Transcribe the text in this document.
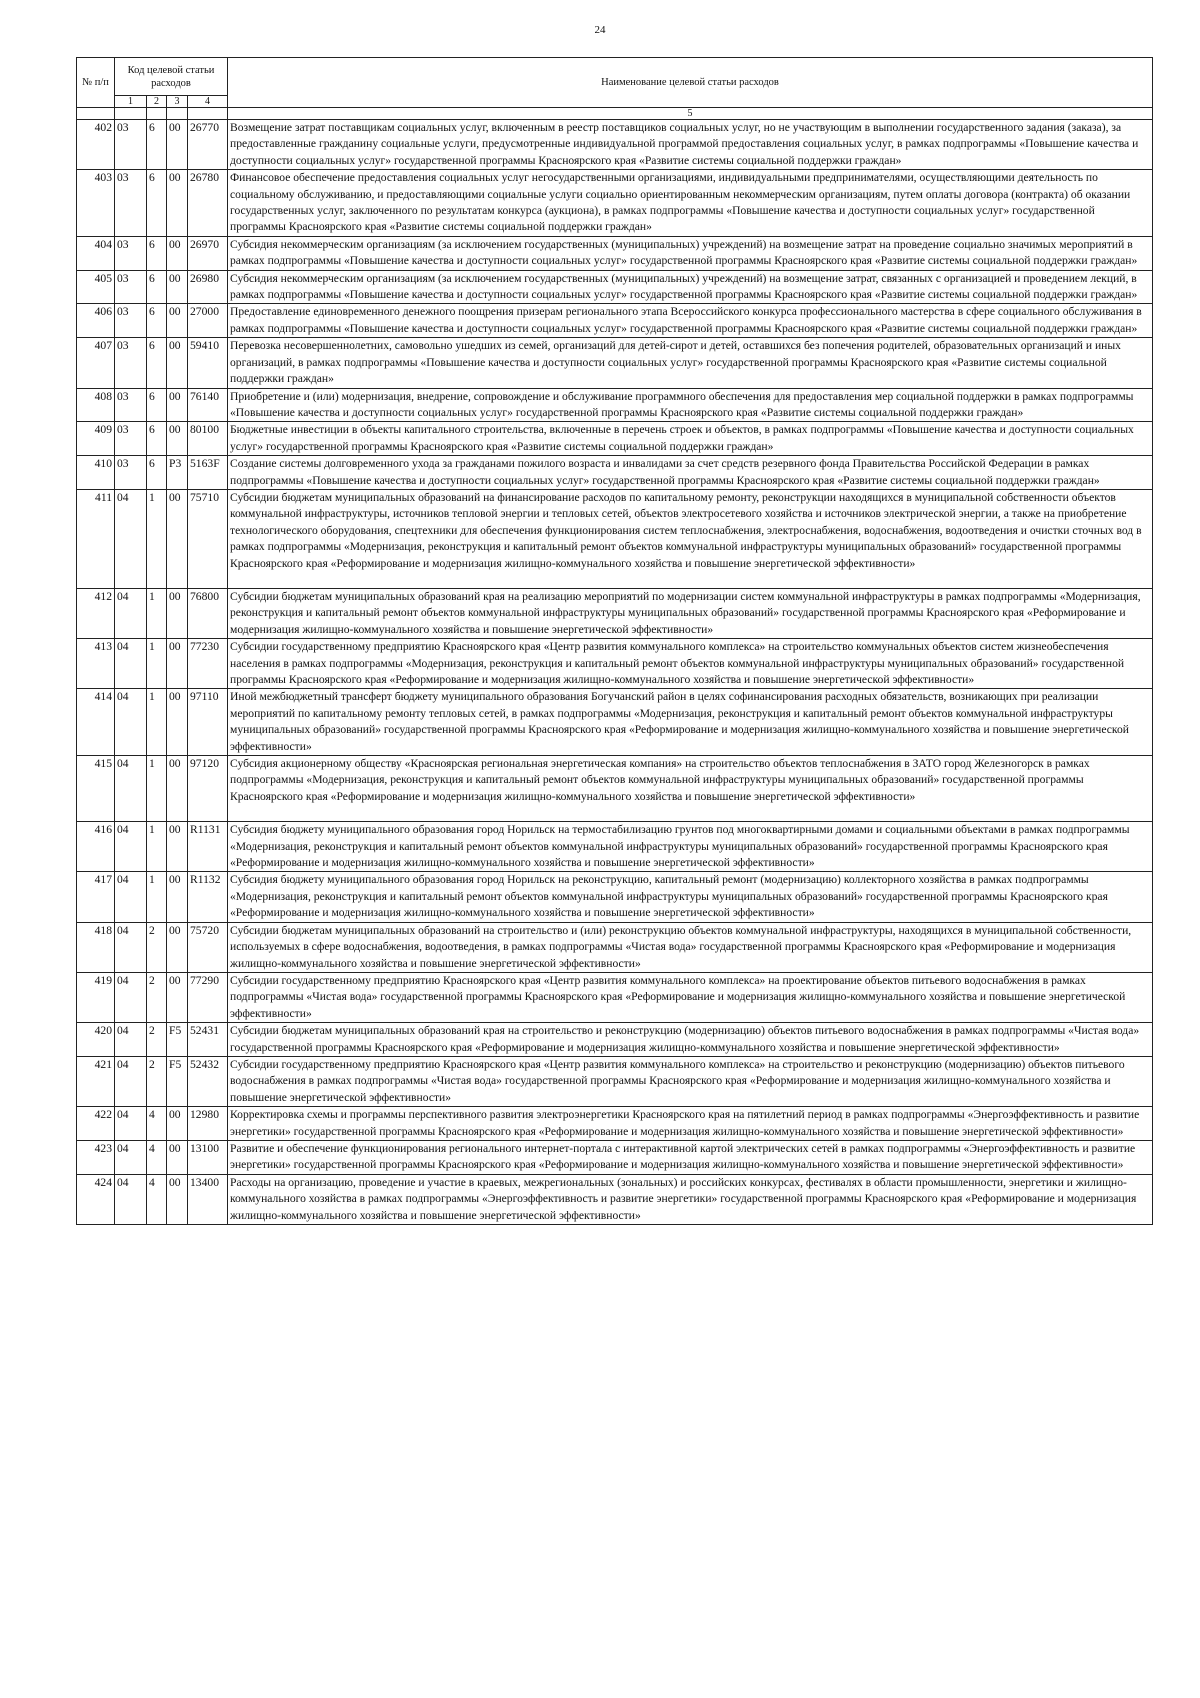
24
№ п/п	Код целевой статьи расходов				Наименование целевой статьи расходов
	1	2	3	4	
					5
402	03	6	00	26770	Возмещение затрат поставщикам социальных услуг, включенным в реестр поставщиков социальных услуг, но не участвующим в выполнении государственного задания (заказа), за предоставленные гражданину социальные услуги, предусмотренные индивидуальной программой предоставления социальных услуг, в рамках подпрограммы «Повышение качества и доступности социальных услуг» государственной программы Красноярского края «Развитие системы социальной поддержки граждан»
403	03	6	00	26780	Финансовое обеспечение предоставления социальных услуг негосударственными организациями, индивидуальными предпринимателями, осуществляющими деятельность по социальному обслуживанию, и предоставляющими социальные услуги социально ориентированным некоммерческим организациям, путем оплаты договора (контракта) об оказании государственных услуг, заключенного по результатам конкурса (аукциона), в рамках подпрограммы «Повышение качества и доступности социальных услуг» государственной программы Красноярского края «Развитие системы социальной поддержки граждан»
404	03	6	00	26970	Субсидия некоммерческим организациям (за исключением государственных (муниципальных) учреждений) на возмещение затрат на проведение социально значимых мероприятий в рамках подпрограммы «Повышение качества и доступности социальных услуг» государственной программы Красноярского края «Развитие системы социальной поддержки граждан»
405	03	6	00	26980	Субсидия некоммерческим организациям (за исключением государственных (муниципальных) учреждений) на возмещение затрат, связанных с организацией и проведением лекций, в рамках подпрограммы «Повышение качества и доступности социальных услуг» государственной программы Красноярского края «Развитие системы социальной поддержки граждан»
406	03	6	00	27000	Предоставление единовременного денежного поощрения призерам регионального этапа Всероссийского конкурса профессионального мастерства в сфере социального обслуживания в рамках подпрограммы «Повышение качества и доступности социальных услуг» государственной программы Красноярского края «Развитие системы социальной поддержки граждан»
407	03	6	00	59410	Перевозка несовершеннолетних, самовольно ушедших из семей, организаций для детей-сирот и детей, оставшихся без попечения родителей, образовательных организаций и иных организаций, в рамках подпрограммы «Повышение качества и доступности социальных услуг» государственной программы Красноярского края «Развитие системы социальной поддержки граждан»
408	03	6	00	76140	Приобретение и (или) модернизация, внедрение, сопровождение и обслуживание программного обеспечения для предоставления мер социальной поддержки в рамках подпрограммы «Повышение качества и доступности социальных услуг» государственной программы Красноярского края «Развитие системы социальной поддержки граждан»
409	03	6	00	80100	Бюджетные инвестиции в объекты капитального строительства, включенные в перечень строек и объектов, в рамках подпрограммы «Повышение качества и доступности социальных услуг» государственной программы Красноярского края «Развитие системы социальной поддержки граждан»
410	03	6	P3	5163F	Создание системы долговременного ухода за гражданами пожилого возраста и инвалидами за счет средств резервного фонда Правительства Российской Федерации в рамках подпрограммы «Повышение качества и доступности социальных услуг» государственной программы Красноярского края «Развитие системы социальной поддержки граждан»
411	04	1	00	75710	Субсидии бюджетам муниципальных образований на финансирование расходов по капитальному ремонту, реконструкции находящихся в муниципальной собственности объектов коммунальной инфраструктуры, источников тепловой энергии и тепловых сетей, объектов электросетевого хозяйства и источников электрической энергии, а также на приобретение технологического оборудования, спецтехники для обеспечения функционирования систем теплоснабжения, электроснабжения, водоснабжения, водоотведения и очистки сточных вод в рамках подпрограммы «Модернизация, реконструкция и капитальный ремонт объектов коммунальной инфраструктуры муниципальных образований» государственной программы Красноярского края «Реформирование и модернизация жилищно-коммунального хозяйства и повышение энергетической эффективности»
412	04	1	00	76800	Субсидии бюджетам муниципальных образований края на реализацию мероприятий по модернизации систем коммунальной инфраструктуры в рамках подпрограммы «Модернизация, реконструкция и капитальный ремонт объектов коммунальной инфраструктуры муниципальных образований» государственной программы Красноярского края «Реформирование и модернизация жилищно-коммунального хозяйства и повышение энергетической эффективности»
413	04	1	00	77230	Субсидии государственному предприятию Красноярского края «Центр развития коммунального комплекса» на строительство коммунальных объектов систем жизнеобеспечения населения в рамках подпрограммы «Модернизация, реконструкция и капитальный ремонт объектов коммунальной инфраструктуры муниципальных образований» государственной программы Красноярского края «Реформирование и модернизация жилищно-коммунального хозяйства и повышение энергетической эффективности»
414	04	1	00	97110	Иной межбюджетный трансферт бюджету муниципального образования Богучанский район в целях софинансирования расходных обязательств, возникающих при реализации мероприятий по капитальному ремонту тепловых сетей, в рамках подпрограммы «Модернизация, реконструкция и капитальный ремонт объектов коммунальной инфраструктуры муниципальных образований» государственной программы Красноярского края «Реформирование и модернизация жилищно-коммунального хозяйства и повышение энергетической эффективности»
415	04	1	00	97120	Субсидия акционерному обществу «Красноярская региональная энергетическая компания» на строительство объектов теплоснабжения в ЗАТО город Железногорск в рамках подпрограммы «Модернизация, реконструкция и капитальный ремонт объектов коммунальной инфраструктуры муниципальных образований» государственной программы Красноярского края «Реформирование и модернизация жилищно-коммунального хозяйства и повышение энергетической эффективности»
416	04	1	00	R1131	Субсидия бюджету муниципального образования город Норильск на термостабилизацию грунтов под многоквартирными домами и социальными объектами в рамках подпрограммы «Модернизация, реконструкция и капитальный ремонт объектов коммунальной инфраструктуры муниципальных образований» государственной программы Красноярского края «Реформирование и модернизация жилищно-коммунального хозяйства и повышение энергетической эффективности»
417	04	1	00	R1132	Субсидия бюджету муниципального образования город Норильск на реконструкцию, капитальный ремонт (модернизацию) коллекторного хозяйства в рамках подпрограммы «Модернизация, реконструкция и капитальный ремонт объектов коммунальной инфраструктуры муниципальных образований» государственной программы Красноярского края «Реформирование и модернизация жилищно-коммунального хозяйства и повышение энергетической эффективности»
418	04	2	00	75720	Субсидии бюджетам муниципальных образований на строительство и (или) реконструкцию объектов коммунальной инфраструктуры, находящихся в муниципальной собственности, используемых в сфере водоснабжения, водоотведения, в рамках подпрограммы «Чистая вода» государственной программы Красноярского края «Реформирование и модернизация жилищно-коммунального хозяйства и повышение энергетической эффективности»
419	04	2	00	77290	Субсидии государственному предприятию Красноярского края «Центр развития коммунального комплекса» на проектирование объектов питьевого водоснабжения в рамках подпрограммы «Чистая вода» государственной программы Красноярского края «Реформирование и модернизация жилищно-коммунального хозяйства и повышение энергетической эффективности»
420	04	2	F5	52431	Субсидии бюджетам муниципальных образований края на строительство и реконструкцию (модернизацию) объектов питьевого водоснабжения в рамках подпрограммы «Чистая вода» государственной программы Красноярского края «Реформирование и модернизация жилищно-коммунального хозяйства и повышение энергетической эффективности»
421	04	2	F5	52432	Субсидии государственному предприятию Красноярского края «Центр развития коммунального комплекса» на строительство и реконструкцию (модернизацию) объектов питьевого водоснабжения в рамках подпрограммы «Чистая вода» государственной программы Красноярского края «Реформирование и модернизация жилищно-коммунального хозяйства и повышение энергетической эффективности»
422	04	4	00	12980	Корректировка схемы и программы перспективного развития электроэнергетики Красноярского края на пятилетний период в рамках подпрограммы «Энергоэффективность и развитие энергетики» государственной программы Красноярского края «Реформирование и модернизация жилищно-коммунального хозяйства и повышение энергетической эффективности»
423	04	4	00	13100	Развитие и обеспечение функционирования регионального интернет-портала с интерактивной картой электрических сетей в рамках подпрограммы «Энергоэффективность и развитие энергетики» государственной программы Красноярского края «Реформирование и модернизация жилищно-коммунального хозяйства и повышение энергетической эффективности»
424	04	4	00	13400	Расходы на организацию, проведение и участие в краевых, межрегиональных (зональных) и российских конкурсах, фестивалях в области промышленности, энергетики и жилищно-коммунального хозяйства в рамках подпрограммы «Энергоэффективность и развитие энергетики» государственной программы Красноярского края «Реформирование и модернизация жилищно-коммунального хозяйства и повышение энергетической эффективности»
